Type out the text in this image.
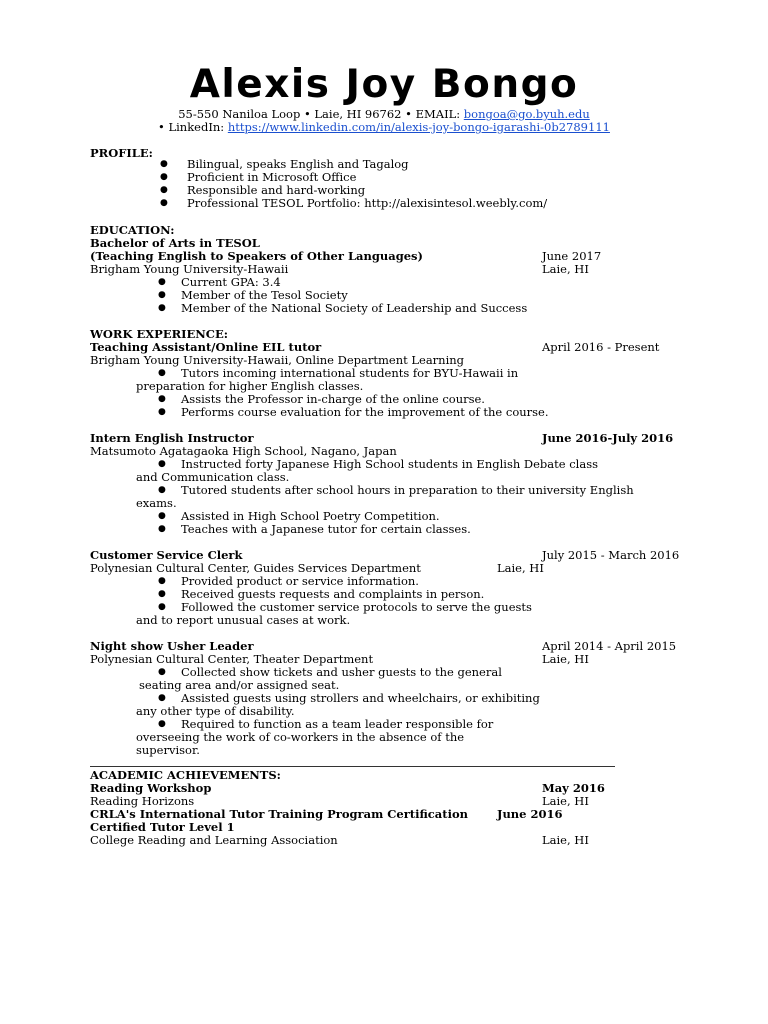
Alexis Joy Bongo
55-550 Naniloa Loop • Laie, HI 96762 • EMAIL: bongoa@go.byuh.edu
• LinkedIn: https://www.linkedin.com/in/alexis-joy-bongo-igarashi-0b2789111
PROFILE:
● Bilingual, speaks English and Tagalog
● Proficient in Microsoft Office
● Responsible and hard-working
● Professional TESOL Portfolio: http://alexisintesol.weebly.com/
EDUCATION:
Bachelor of Arts in TESOL
(Teaching English to Speakers of Other Languages)	June 2017
Brigham Young University-Hawaii	Laie, HI
● Current GPA: 3.4
● Member of the Tesol Society
● Member of the National Society of Leadership and Success
WORK EXPERIENCE:
Teaching Assistant/Online EIL tutor	April 2016 - Present
Brigham Young University-Hawaii, Online Department Learning
● Tutors incoming international students for BYU-Hawaii in
preparation for higher English classes.
● Assists the Professor in-charge of the online course.
● Performs course evaluation for the improvement of the course.
Intern English Instructor	June 2016-July 2016
Matsumoto Agatagaoka High School, Nagano, Japan
● Instructed forty Japanese High School students in English Debate class
and Communication class.
● Tutored students after school hours in preparation to their university English
exams.
● Assisted in High School Poetry Competition.
● Teaches with a Japanese tutor for certain classes.
Customer Service Clerk	July 2015 - March 2016
Polynesian Cultural Center, Guides Services Department	Laie, HI
● Provided product or service information.
● Received guests requests and complaints in person.
● Followed the customer service protocols to serve the guests
and to report unusual cases at work.
Night show Usher Leader	April 2014 - April 2015
Polynesian Cultural Center, Theater Department	Laie, HI
● Collected show tickets and usher guests to the general
seating area and/or assigned seat.
● Assisted guests using strollers and wheelchairs, or exhibiting
any other type of disability.
● Required to function as a team leader responsible for
overseeing the work of co-workers in the absence of the
supervisor.
ACADEMIC ACHIEVEMENTS:
Reading Workshop	May 2016
Reading Horizons	Laie, HI
CRLA's International Tutor Training Program Certification	June 2016
Certified Tutor Level 1
College Reading and Learning Association	Laie, HI
